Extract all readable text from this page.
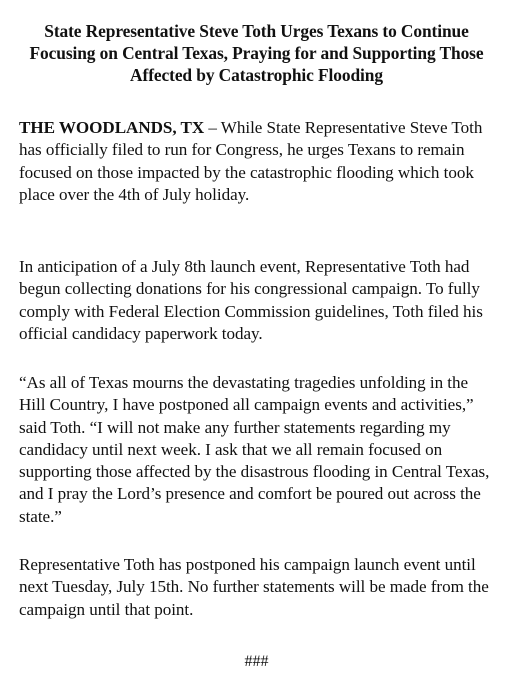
State Representative Steve Toth Urges Texans to Continue Focusing on Central Texas, Praying for and Supporting Those Affected by Catastrophic Flooding

THE WOODLANDS, TX – While State Representative Steve Toth has officially filed to run for Congress, he urges Texans to remain focused on those impacted by the catastrophic flooding which took place over the 4th of July holiday.

In anticipation of a July 8th launch event, Representative Toth had begun collecting donations for his congressional campaign. To fully comply with Federal Election Commission guidelines, Toth filed his official candidacy paperwork today.

“As all of Texas mourns the devastating tragedies unfolding in the Hill Country, I have postponed all campaign events and activities,” said Toth. “I will not make any further statements regarding my candidacy until next week. I ask that we all remain focused on supporting those affected by the disastrous flooding in Central Texas, and I pray the Lord’s presence and comfort be poured out across the state.”

Representative Toth has postponed his campaign launch event until next Tuesday, July 15th. No further statements will be made from the campaign until that point.

###
